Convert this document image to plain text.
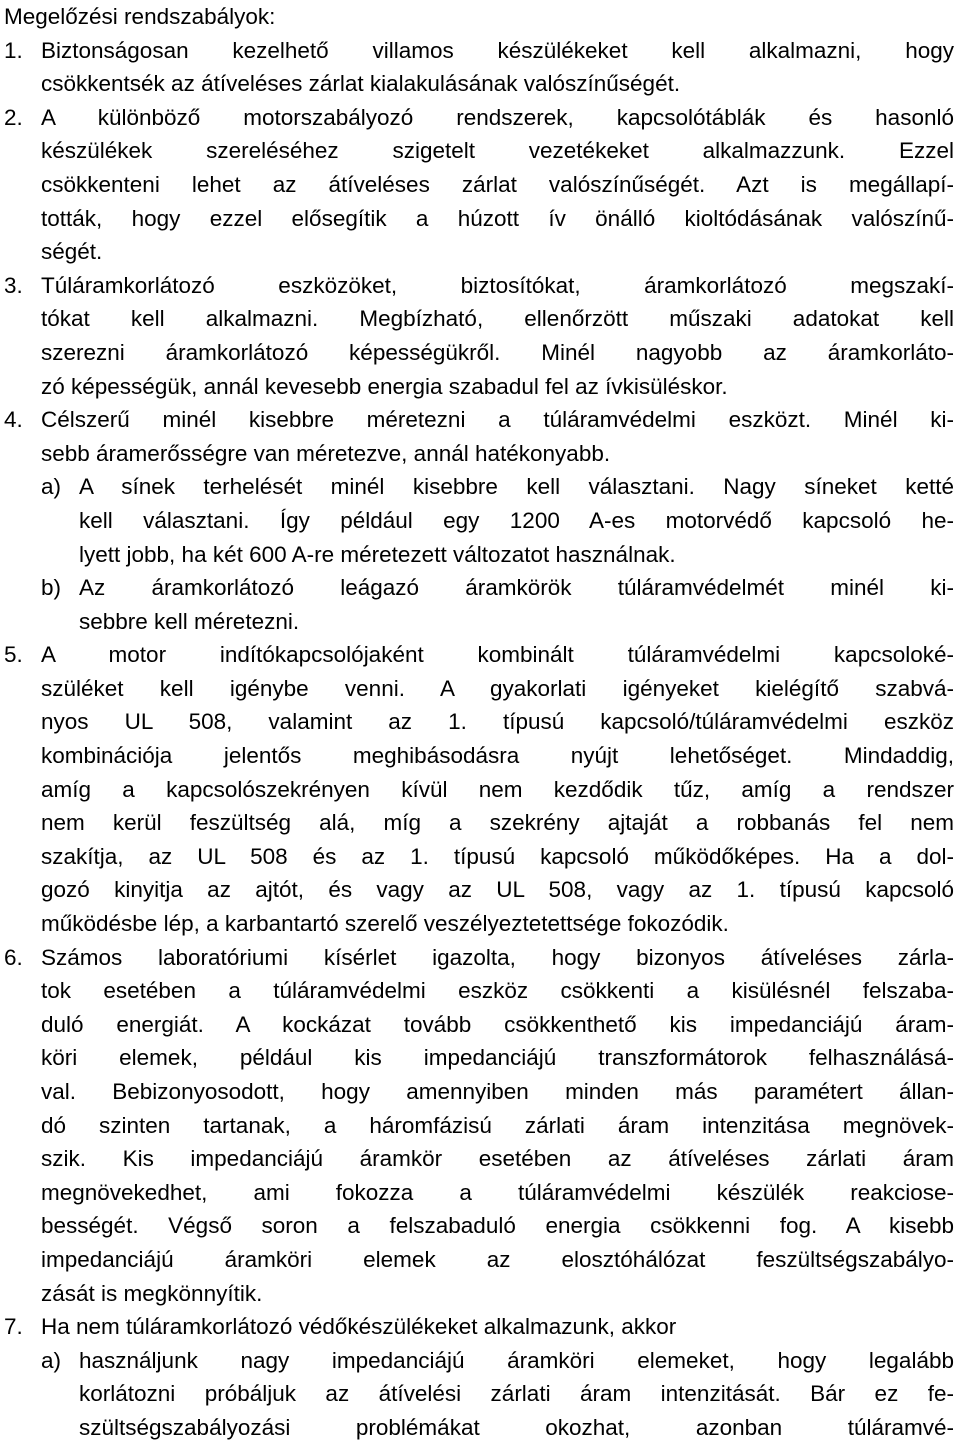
Megelőzési rendszabályok:
1. Biztonságosan kezelhető villamos készülékeket kell alkalmazni, hogy
csökkentsék az átíveléses zárlat kialakulásának valószínűségét.
2. A különböző motorszabályozó rendszerek, kapcsolótáblák és hasonló
készülékek szereléséhez szigetelt vezetékeket alkalmazzunk. Ezzel
csökkenteni lehet az átíveléses zárlat valószínűségét. Azt is megállapí-
tották, hogy ezzel elősegítik a húzott ív önálló kioltódásának valószínű-
ségét.
3. Túláramkorlátozó eszközöket, biztosítókat, áramkorlátozó megszakí-
tókat kell alkalmazni. Megbízható, ellenőrzött műszaki adatokat kell
szerezni áramkorlátozó képességükről. Minél nagyobb az áramkorláto-
zó képességük, annál kevesebb energia szabadul fel az ívkisüléskor.
4. Célszerű minél kisebbre méretezni a túláramvédelmi eszközt. Minél ki-
sebb áramerősségre van méretezve, annál hatékonyabb.
a) A sínek terhelését minél kisebbre kell választani. Nagy síneket ketté
kell választani. Így például egy 1200 A-es motorvédő kapcsoló he-
lyett jobb, ha két 600 A-re méretezett változatot használnak.
b) Az áramkorlátozó leágazó áramkörök túláramvédelmét minél ki-
sebbre kell méretezni.
5. A motor indítókapcsolójaként kombinált túláramvédelmi kapcsoloké-
szüléket kell igénybe venni. A gyakorlati igényeket kielégítő szabvá-
nyos UL 508, valamint az 1. típusú kapcsoló/túláramvédelmi eszköz
kombinációja jelentős meghibásodásra nyújt lehetőséget. Mindaddig,
amíg a kapcsolószekrényen kívül nem kezdődik tűz, amíg a rendszer
nem kerül feszültség alá, míg a szekrény ajtaját a robbanás fel nem
szakítja, az UL 508 és az 1. típusú kapcsoló működőképes. Ha a dol-
gozó kinyitja az ajtót, és vagy az UL 508, vagy az 1. típusú kapcsoló
működésbe lép, a karbantartó szerelő veszélyeztetettsége fokozódik.
6. Számos laboratóriumi kísérlet igazolta, hogy bizonyos átíveléses zárla-
tok esetében a túláramvédelmi eszköz csökkenti a kisülésnél felszaba-
duló energiát. A kockázat tovább csökkenthető kis impedanciájú áram-
köri elemek, például kis impedanciájú transzformátorok felhasználásá-
val. Bebizonyosodott, hogy amennyiben minden más paramétert állan-
dó szinten tartanak, a háromfázisú zárlati áram intenzitása megnövek-
szik. Kis impedanciájú áramkör esetében az átíveléses zárlati áram
megnövekedhet, ami fokozza a túláramvédelmi készülék reakciose-
bességét. Végső soron a felszabaduló energia csökkenni fog. A kisebb
impedanciájú áramköri elemek az elosztóhálózat feszültségszabályo-
zását is megkönnyítik.
7. Ha nem túláramkorlátozó védőkészülékeket alkalmazunk, akkor
a) használjunk nagy impedanciájú áramköri elemeket, hogy legalább
korlátozni próbáljuk az átívelési zárlati áram intenzitását. Bár ez fe-
szültségszabályozási problémákat okozhat, azonban túláramvé-
